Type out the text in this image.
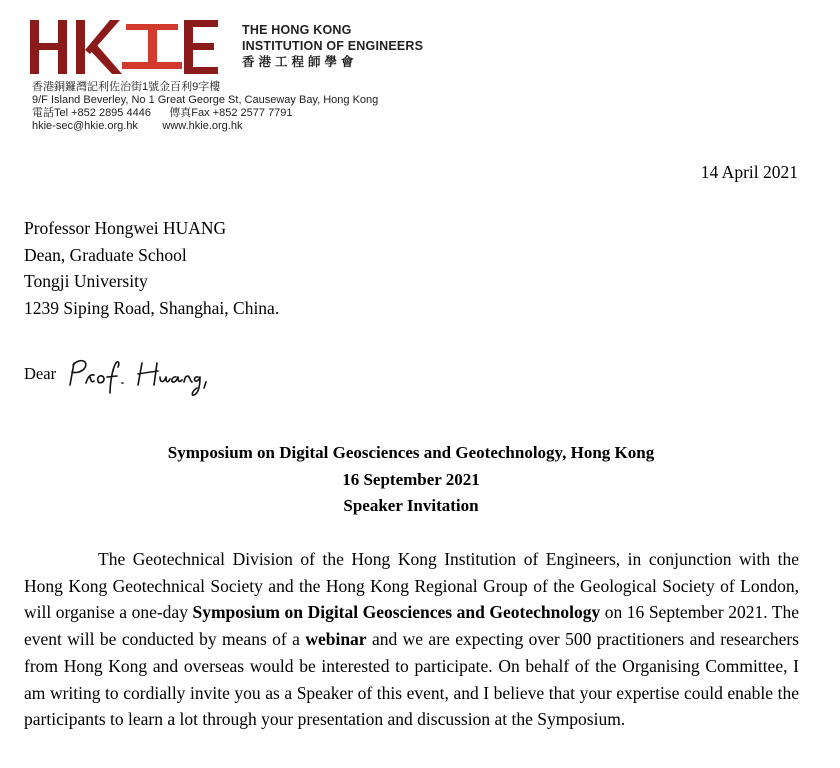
THE HONG KONG
INSTITUTION OF ENGINEERS
香港工程師學會
香港銅鑼灣記利佐治街1號金百利9字樓
9/F Island Beverley, No 1 Great George St, Causeway Bay, Hong Kong
電話Tel +852 2895 4446      傳真Fax +852 2577 7791
hkie-sec@hkie.org.hk        www.hkie.org.hk
14 April 2021
Professor Hongwei HUANG
Dean, Graduate School
Tongji University
1239 Siping Road, Shanghai, China.
Dear
Symposium on Digital Geosciences and Geotechnology, Hong Kong
16 September 2021
Speaker Invitation
The Geotechnical Division of the Hong Kong Institution of Engineers, in conjunction with the Hong Kong Geotechnical Society and the Hong Kong Regional Group of the Geological Society of London, will organise a one-day Symposium on Digital Geosciences and Geotechnology on 16 September 2021. The event will be conducted by means of a webinar and we are expecting over 500 practitioners and researchers from Hong Kong and overseas would be interested to participate. On behalf of the Organising Committee, I am writing to cordially invite you as a Speaker of this event, and I believe that your expertise could enable the participants to learn a lot through your presentation and discussion at the Symposium.
